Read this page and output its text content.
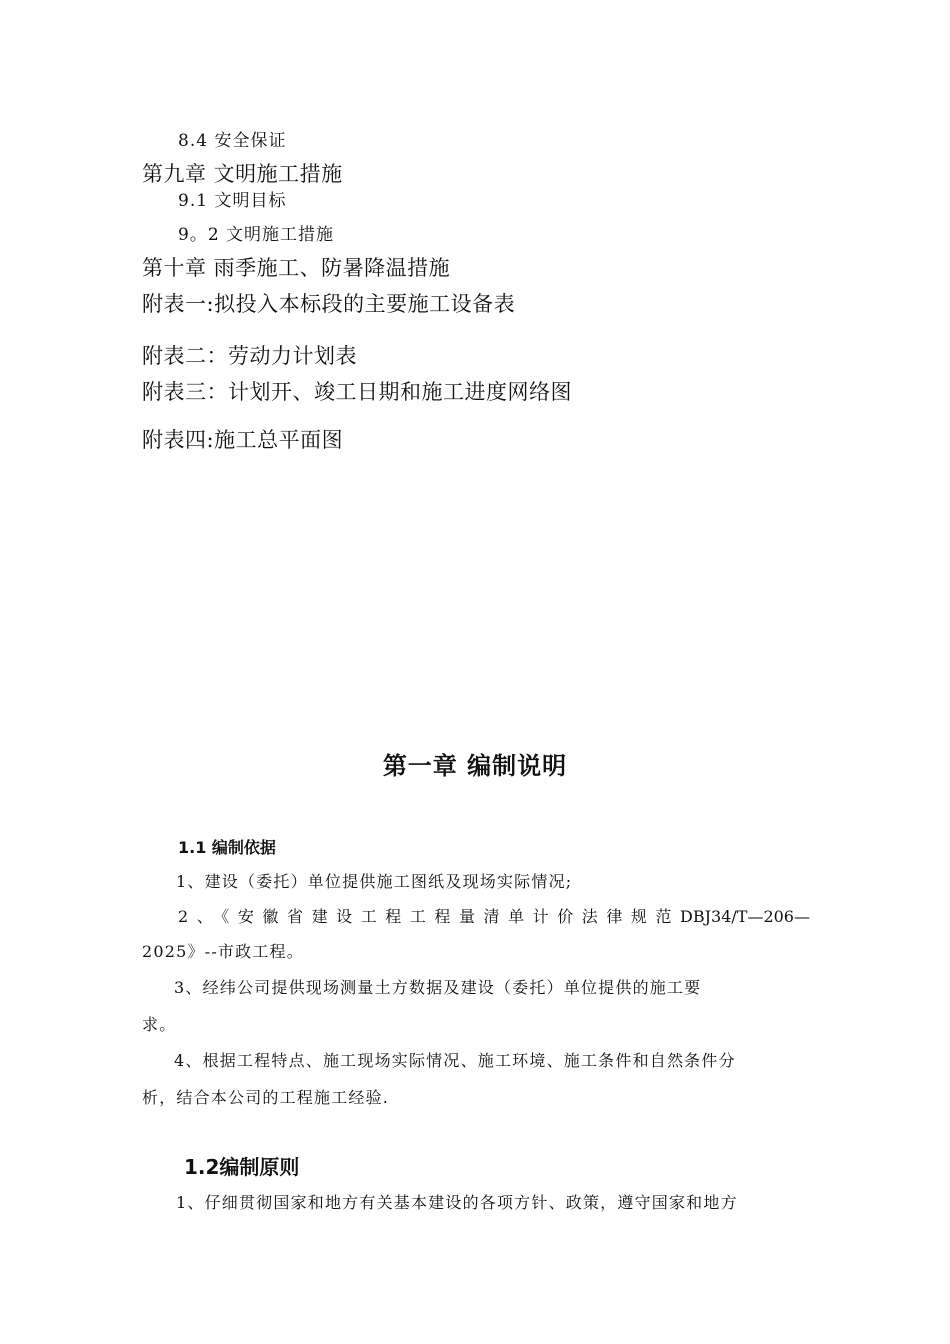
8.4 安全保证

第九章 文明施工措施

9.1 文明目标

9。2 文明施工措施

第十章 雨季施工、防暑降温措施

附表一:拟投入本标段的主要施工设备表

附表二：劳动力计划表

附表三：计划开、竣工日期和施工进度网络图

附表四:施工总平面图

第一章 编制说明

1.1 编制依据

1、建设（委托）单位提供施工图纸及现场实际情况;

2、《安徽省建设工程工程量清单计价法律规范DBJ34/T—206—

2025》--市政工程。

3、经纬公司提供现场测量土方数据及建设（委托）单位提供的施工要

求。

4、根据工程特点、施工现场实际情况、施工环境、施工条件和自然条件分

析，结合本公司的工程施工经验.

1.2编制原则

1、仔细贯彻国家和地方有关基本建设的各项方针、政策，遵守国家和地方
